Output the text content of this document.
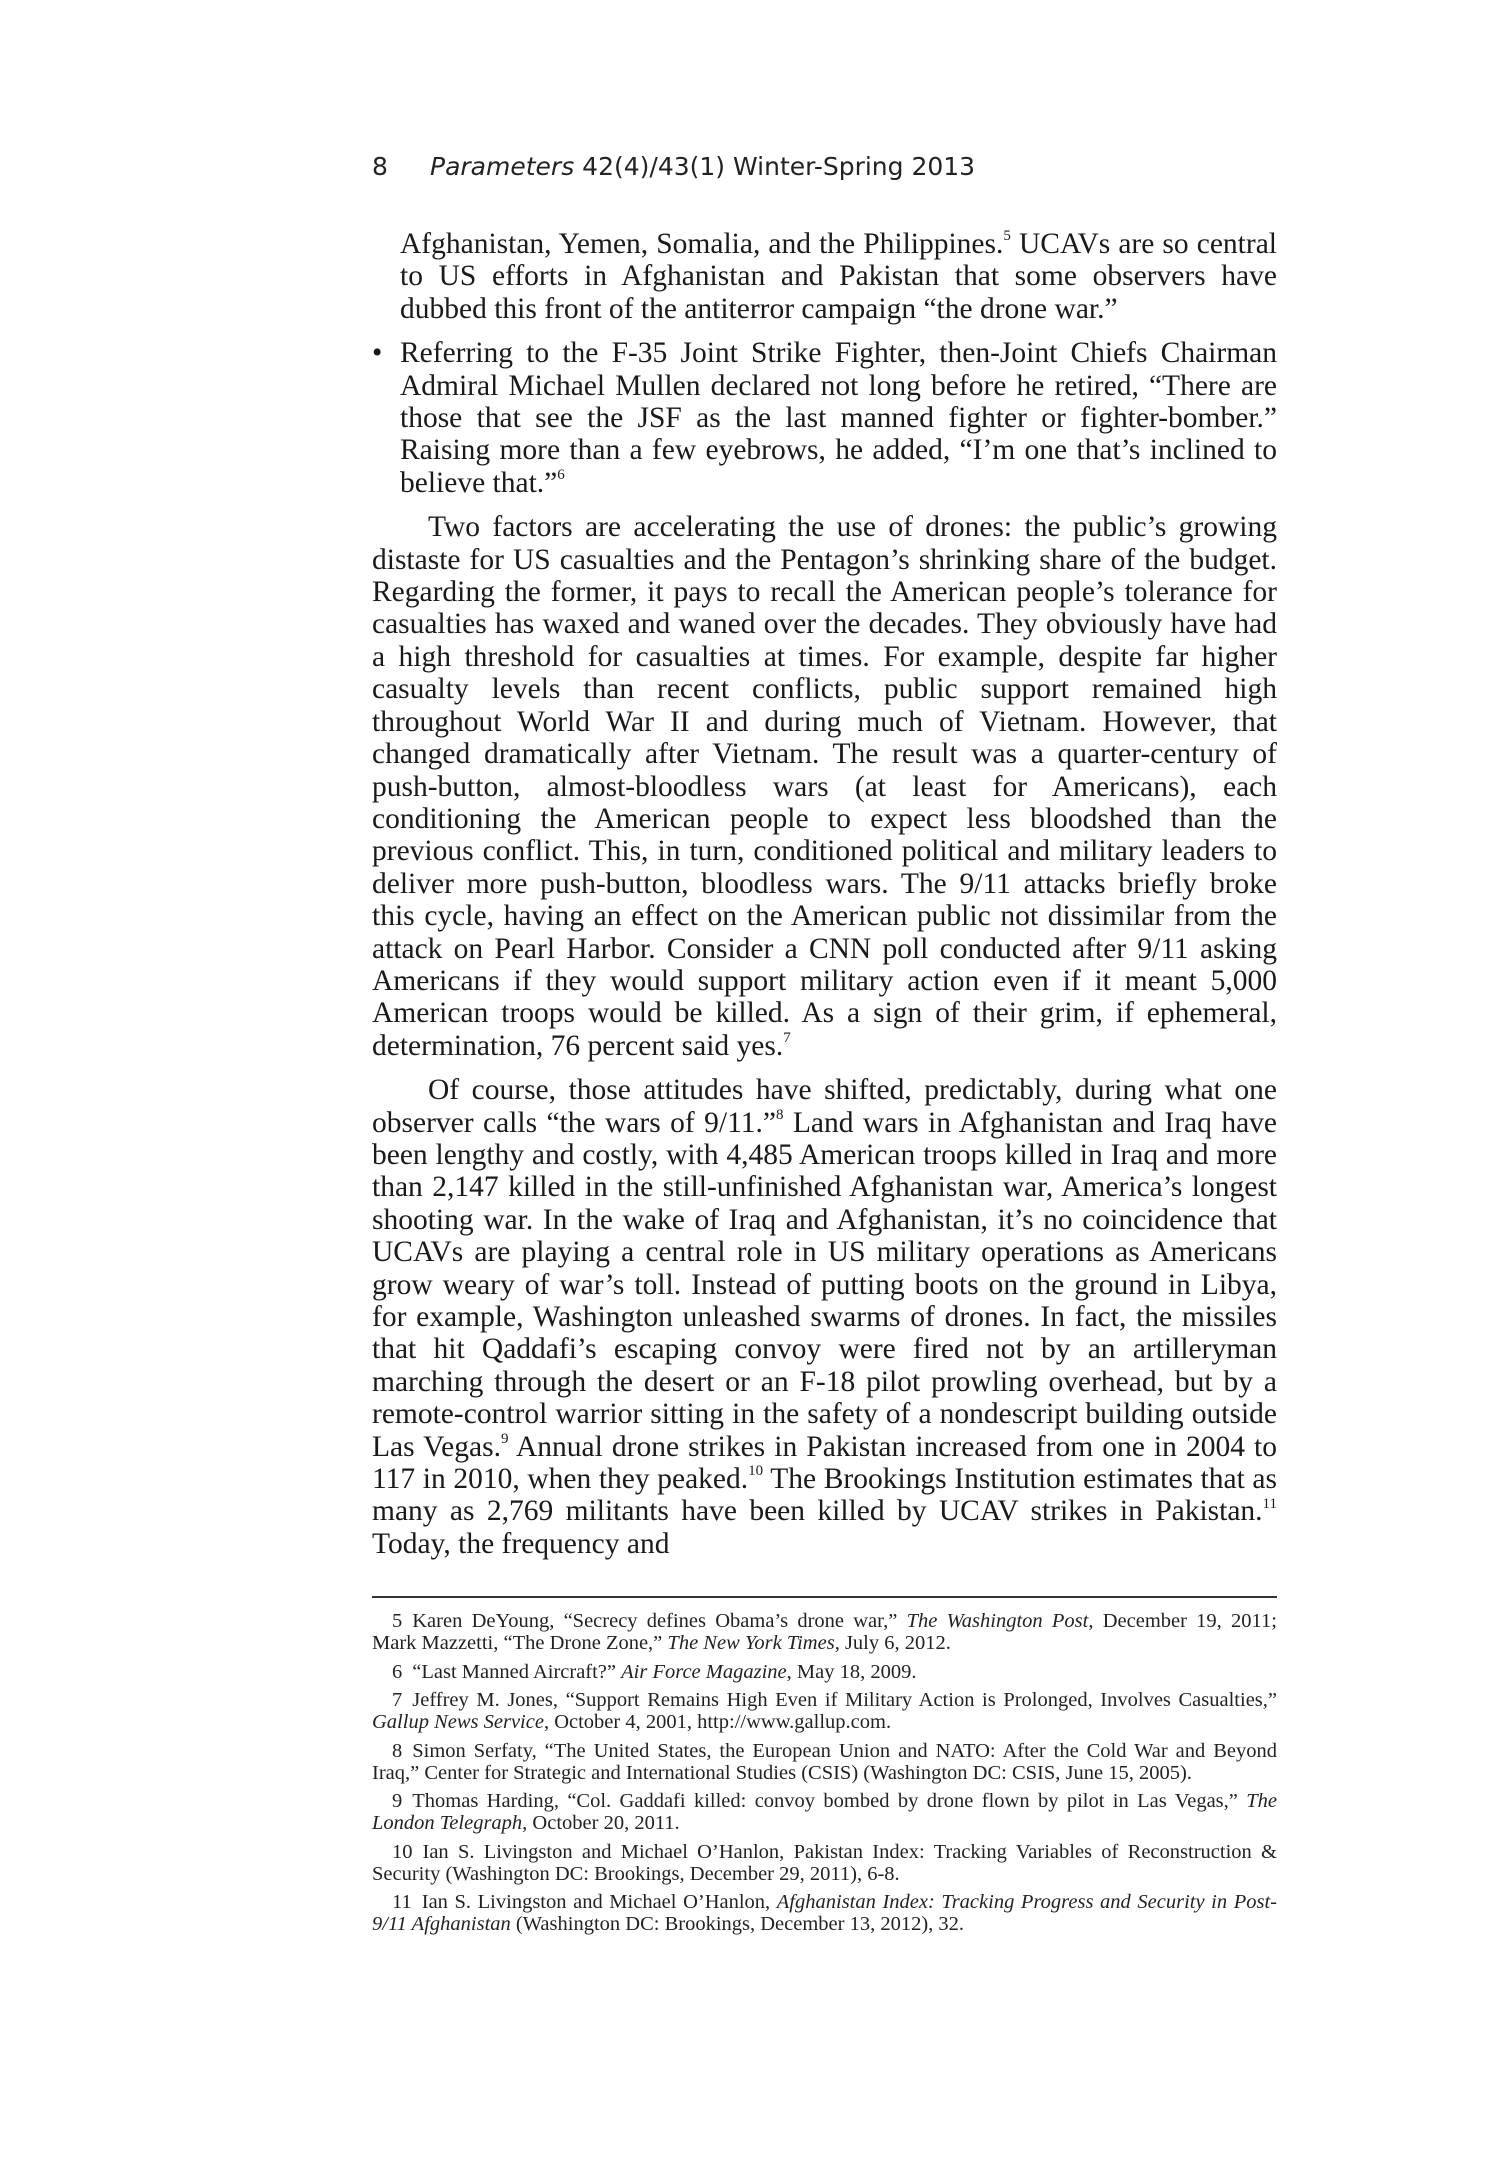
8 Parameters 42(4)/43(1) Winter-Spring 2013

Afghanistan, Yemen, Somalia, and the Philippines.$^5$ UCAVs are so central to US efforts in Afghanistan and Pakistan that some observers have dubbed this front of the antiterror campaign “the drone war.”

• Referring to the F-35 Joint Strike Fighter, then-Joint Chiefs Chairman Admiral Michael Mullen declared not long before he retired, “There are those that see the JSF as the last manned fighter or fighter-bomber.” Raising more than a few eyebrows, he added, “I’m one that’s inclined to believe that.”$^6$

Two factors are accelerating the use of drones: the public’s growing distaste for US casualties and the Pentagon’s shrinking share of the budget. Regarding the former, it pays to recall the American people’s tolerance for casualties has waxed and waned over the decades. They obviously have had a high threshold for casualties at times. For example, despite far higher casualty levels than recent conflicts, public support remained high throughout World War II and during much of Vietnam. However, that changed dramatically after Vietnam. The result was a quarter-century of push-button, almost-bloodless wars (at least for Americans), each conditioning the American people to expect less bloodshed than the previous conflict. This, in turn, conditioned political and military leaders to deliver more push-button, bloodless wars. The 9/11 attacks briefly broke this cycle, having an effect on the American public not dissimilar from the attack on Pearl Harbor. Consider a CNN poll conducted after 9/11 asking Americans if they would support military action even if it meant 5,000 American troops would be killed. As a sign of their grim, if ephemeral, determination, 76 percent said yes.$^7$

Of course, those attitudes have shifted, predictably, during what one observer calls “the wars of 9/11.”$^8$ Land wars in Afghanistan and Iraq have been lengthy and costly, with 4,485 American troops killed in Iraq and more than 2,147 killed in the still-unfinished Afghanistan war, America’s longest shooting war. In the wake of Iraq and Afghanistan, it’s no coincidence that UCAVs are playing a central role in US military operations as Americans grow weary of war’s toll. Instead of putting boots on the ground in Libya, for example, Washington unleashed swarms of drones. In fact, the missiles that hit Qaddafi’s escaping convoy were fired not by an artilleryman marching through the desert or an F-18 pilot prowling overhead, but by a remote-control warrior sitting in the safety of a nondescript building outside Las Vegas.$^9$ Annual drone strikes in Pakistan increased from one in 2004 to 117 in 2010, when they peaked.$^{10}$ The Brookings Institution estimates that as many as 2,769 militants have been killed by UCAV strikes in Pakistan.$^{11}$ Today, the frequency and

5 Karen DeYoung, “Secrecy defines Obama’s drone war,” The Washington Post, December 19, 2011; Mark Mazzetti, “The Drone Zone,” The New York Times, July 6, 2012.

6 “Last Manned Aircraft?” Air Force Magazine, May 18, 2009.

7 Jeffrey M. Jones, “Support Remains High Even if Military Action is Prolonged, Involves Casualties,” Gallup News Service, October 4, 2001, http://www.gallup.com.

8 Simon Serfaty, “The United States, the European Union and NATO: After the Cold War and Beyond Iraq,” Center for Strategic and International Studies (CSIS) (Washington DC: CSIS, June 15, 2005).

9 Thomas Harding, “Col. Gaddafi killed: convoy bombed by drone flown by pilot in Las Vegas,” The London Telegraph, October 20, 2011.

10 Ian S. Livingston and Michael O’Hanlon, Pakistan Index: Tracking Variables of Reconstruction & Security (Washington DC: Brookings, December 29, 2011), 6-8.

11 Ian S. Livingston and Michael O’Hanlon, Afghanistan Index: Tracking Progress and Security in Post-9/11 Afghanistan (Washington DC: Brookings, December 13, 2012), 32.
